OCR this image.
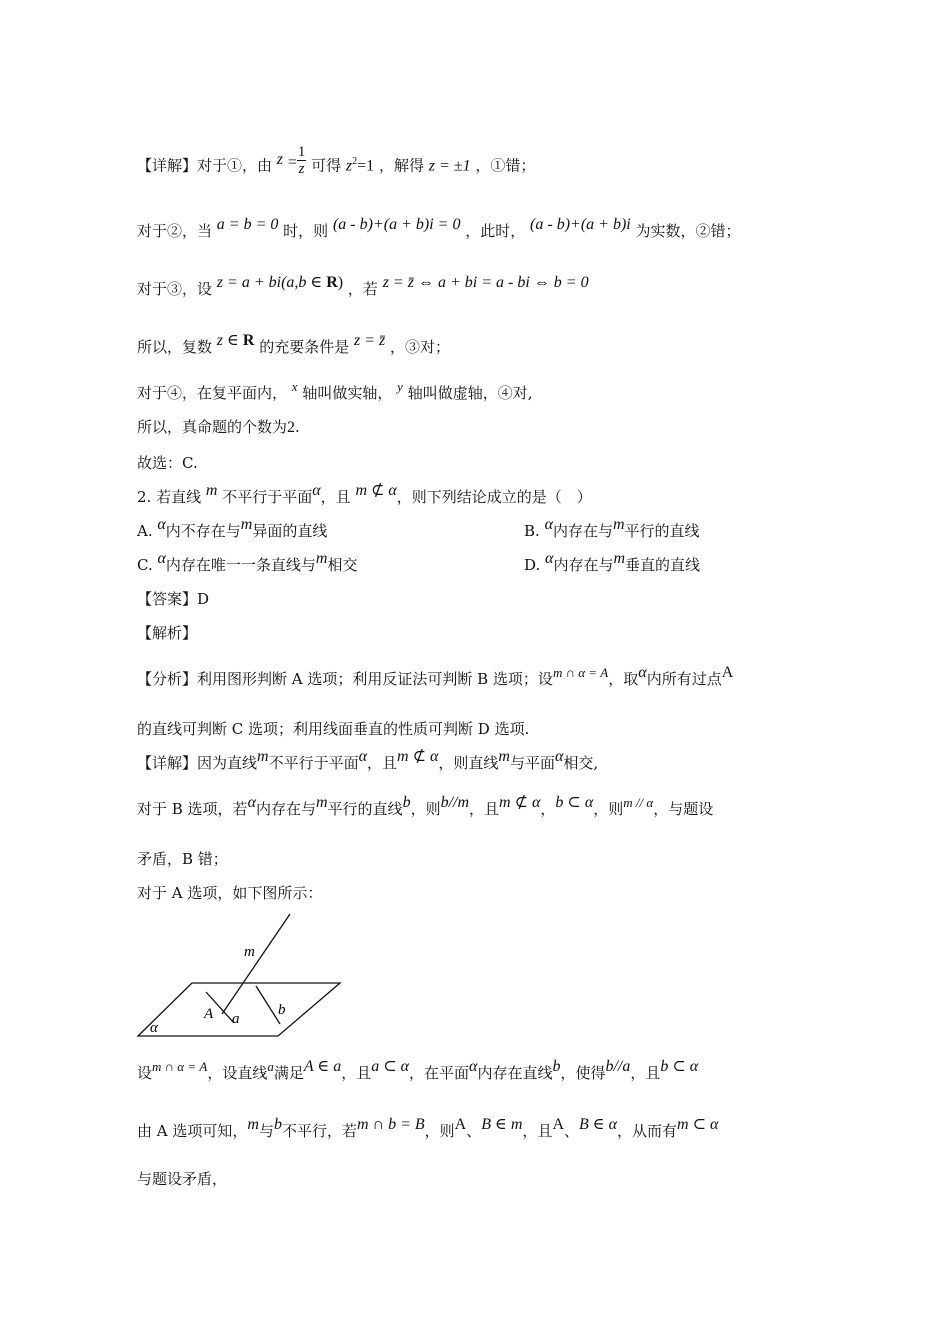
【详解】对于①，由 $z = \frac{1}{z}$ 可得 $z^2=1$ ，解得 z = ±1 ，①错；
对于②，当 a = b = 0 时，则 (a - b)+(a + b)i = 0 ，此时， (a - b)+(a + b)i 为实数，②错；
对于③，设 z = a + bi(a,b ∈ R) ，若 z = z̄ ⇔ a + bi = a - bi ⇔ b = 0
所以，复数 z ∈ R 的充要条件是 z = z̄ ，③对；
对于④，在复平面内， x 轴叫做实轴， y 轴叫做虚轴，④对,
所以，真命题的个数为2.
故选：C.
2. 若直线 m 不平行于平面α，且 m ⊄ α，则下列结论成立的是（　）
A. α内不存在与m异面的直线	B. α内存在与m平行的直线
C. α内存在唯一一条直线与m相交	D. α内存在与m垂直的直线
【答案】D
【解析】
【分析】利用图形判断 A 选项；利用反证法可判断 B 选项；设m ∩ α = A，取α内所有过点A
的直线可判断 C 选项；利用线面垂直的性质可判断 D 选项.
【详解】因为直线m不平行于平面α，且m ⊄ α，则直线m与平面α相交,
对于 B 选项，若α内存在与m平行的直线b，则b//m，且m ⊄ α，b ⊂ α，则m // α，与题设
矛盾，B 错；
对于 A 选项，如下图所示：
m
A a
b
α
设m ∩ α = A，设直线a满足A ∈ a，且a ⊂ α，在平面α内存在直线b，使得b//a，且b ⊂ α
由 A 选项可知，m与b不平行，若m ∩ b = B，则A、B ∈ m，且A、B ∈ α，从而有m ⊂ α
与题设矛盾，
